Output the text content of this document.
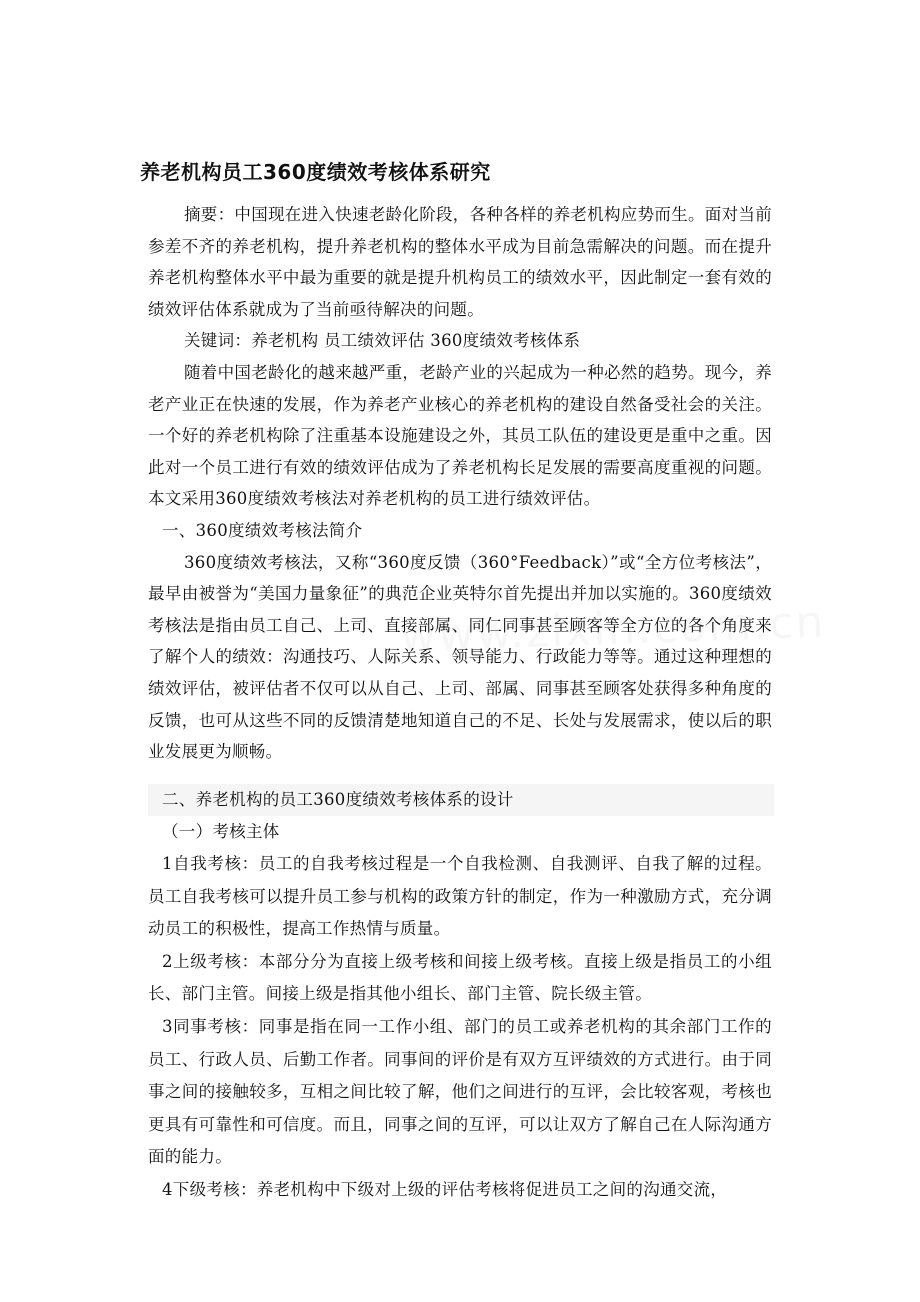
养老机构员工360度绩效考核体系研究

摘要：中国现在进入快速老龄化阶段，各种各样的养老机构应势而生。面对当前参差不齐的养老机构，提升养老机构的整体水平成为目前急需解决的问题。而在提升养老机构整体水平中最为重要的就是提升机构员工的绩效水平，因此制定一套有效的绩效评估体系就成为了当前亟待解决的问题。

关键词：养老机构 员工绩效评估 360度绩效考核体系

随着中国老龄化的越来越严重，老龄产业的兴起成为一种必然的趋势。现今，养老产业正在快速的发展，作为养老产业核心的养老机构的建设自然备受社会的关注。一个好的养老机构除了注重基本设施建设之外，其员工队伍的建设更是重中之重。因此对一个员工进行有效的绩效评估成为了养老机构长足发展的需要高度重视的问题。本文采用360度绩效考核法对养老机构的员工进行绩效评估。

一、360度绩效考核法简介

360度绩效考核法，又称“360度反馈（360°Feedback）”或“全方位考核法”，最早由被誉为“美国力量象征”的典范企业英特尔首先提出并加以实施的。360度绩效考核法是指由员工自己、上司、直接部属、同仁同事甚至顾客等全方位的各个角度来了解个人的绩效：沟通技巧、人际关系、领导能力、行政能力等等。通过这种理想的绩效评估，被评估者不仅可以从自己、上司、部属、同事甚至顾客处获得多种角度的反馈，也可从这些不同的反馈清楚地知道自己的不足、长处与发展需求，使以后的职业发展更为顺畅。

二、养老机构的员工360度绩效考核体系的设计

（一）考核主体

1自我考核：员工的自我考核过程是一个自我检测、自我测评、自我了解的过程。员工自我考核可以提升员工参与机构的政策方针的制定，作为一种激励方式，充分调动员工的积极性，提高工作热情与质量。

2上级考核：本部分分为直接上级考核和间接上级考核。直接上级是指员工的小组长、部门主管。间接上级是指其他小组长、部门主管、院长级主管。

3同事考核：同事是指在同一工作小组、部门的员工或养老机构的其余部门工作的员工、行政人员、后勤工作者。同事间的评价是有双方互评绩效的方式进行。由于同事之间的接触较多，互相之间比较了解，他们之间进行的互评，会比较客观，考核也更具有可靠性和可信度。而且，同事之间的互评，可以让双方了解自己在人际沟通方面的能力。

4下级考核：养老机构中下级对上级的评估考核将促进员工之间的沟通交流，
